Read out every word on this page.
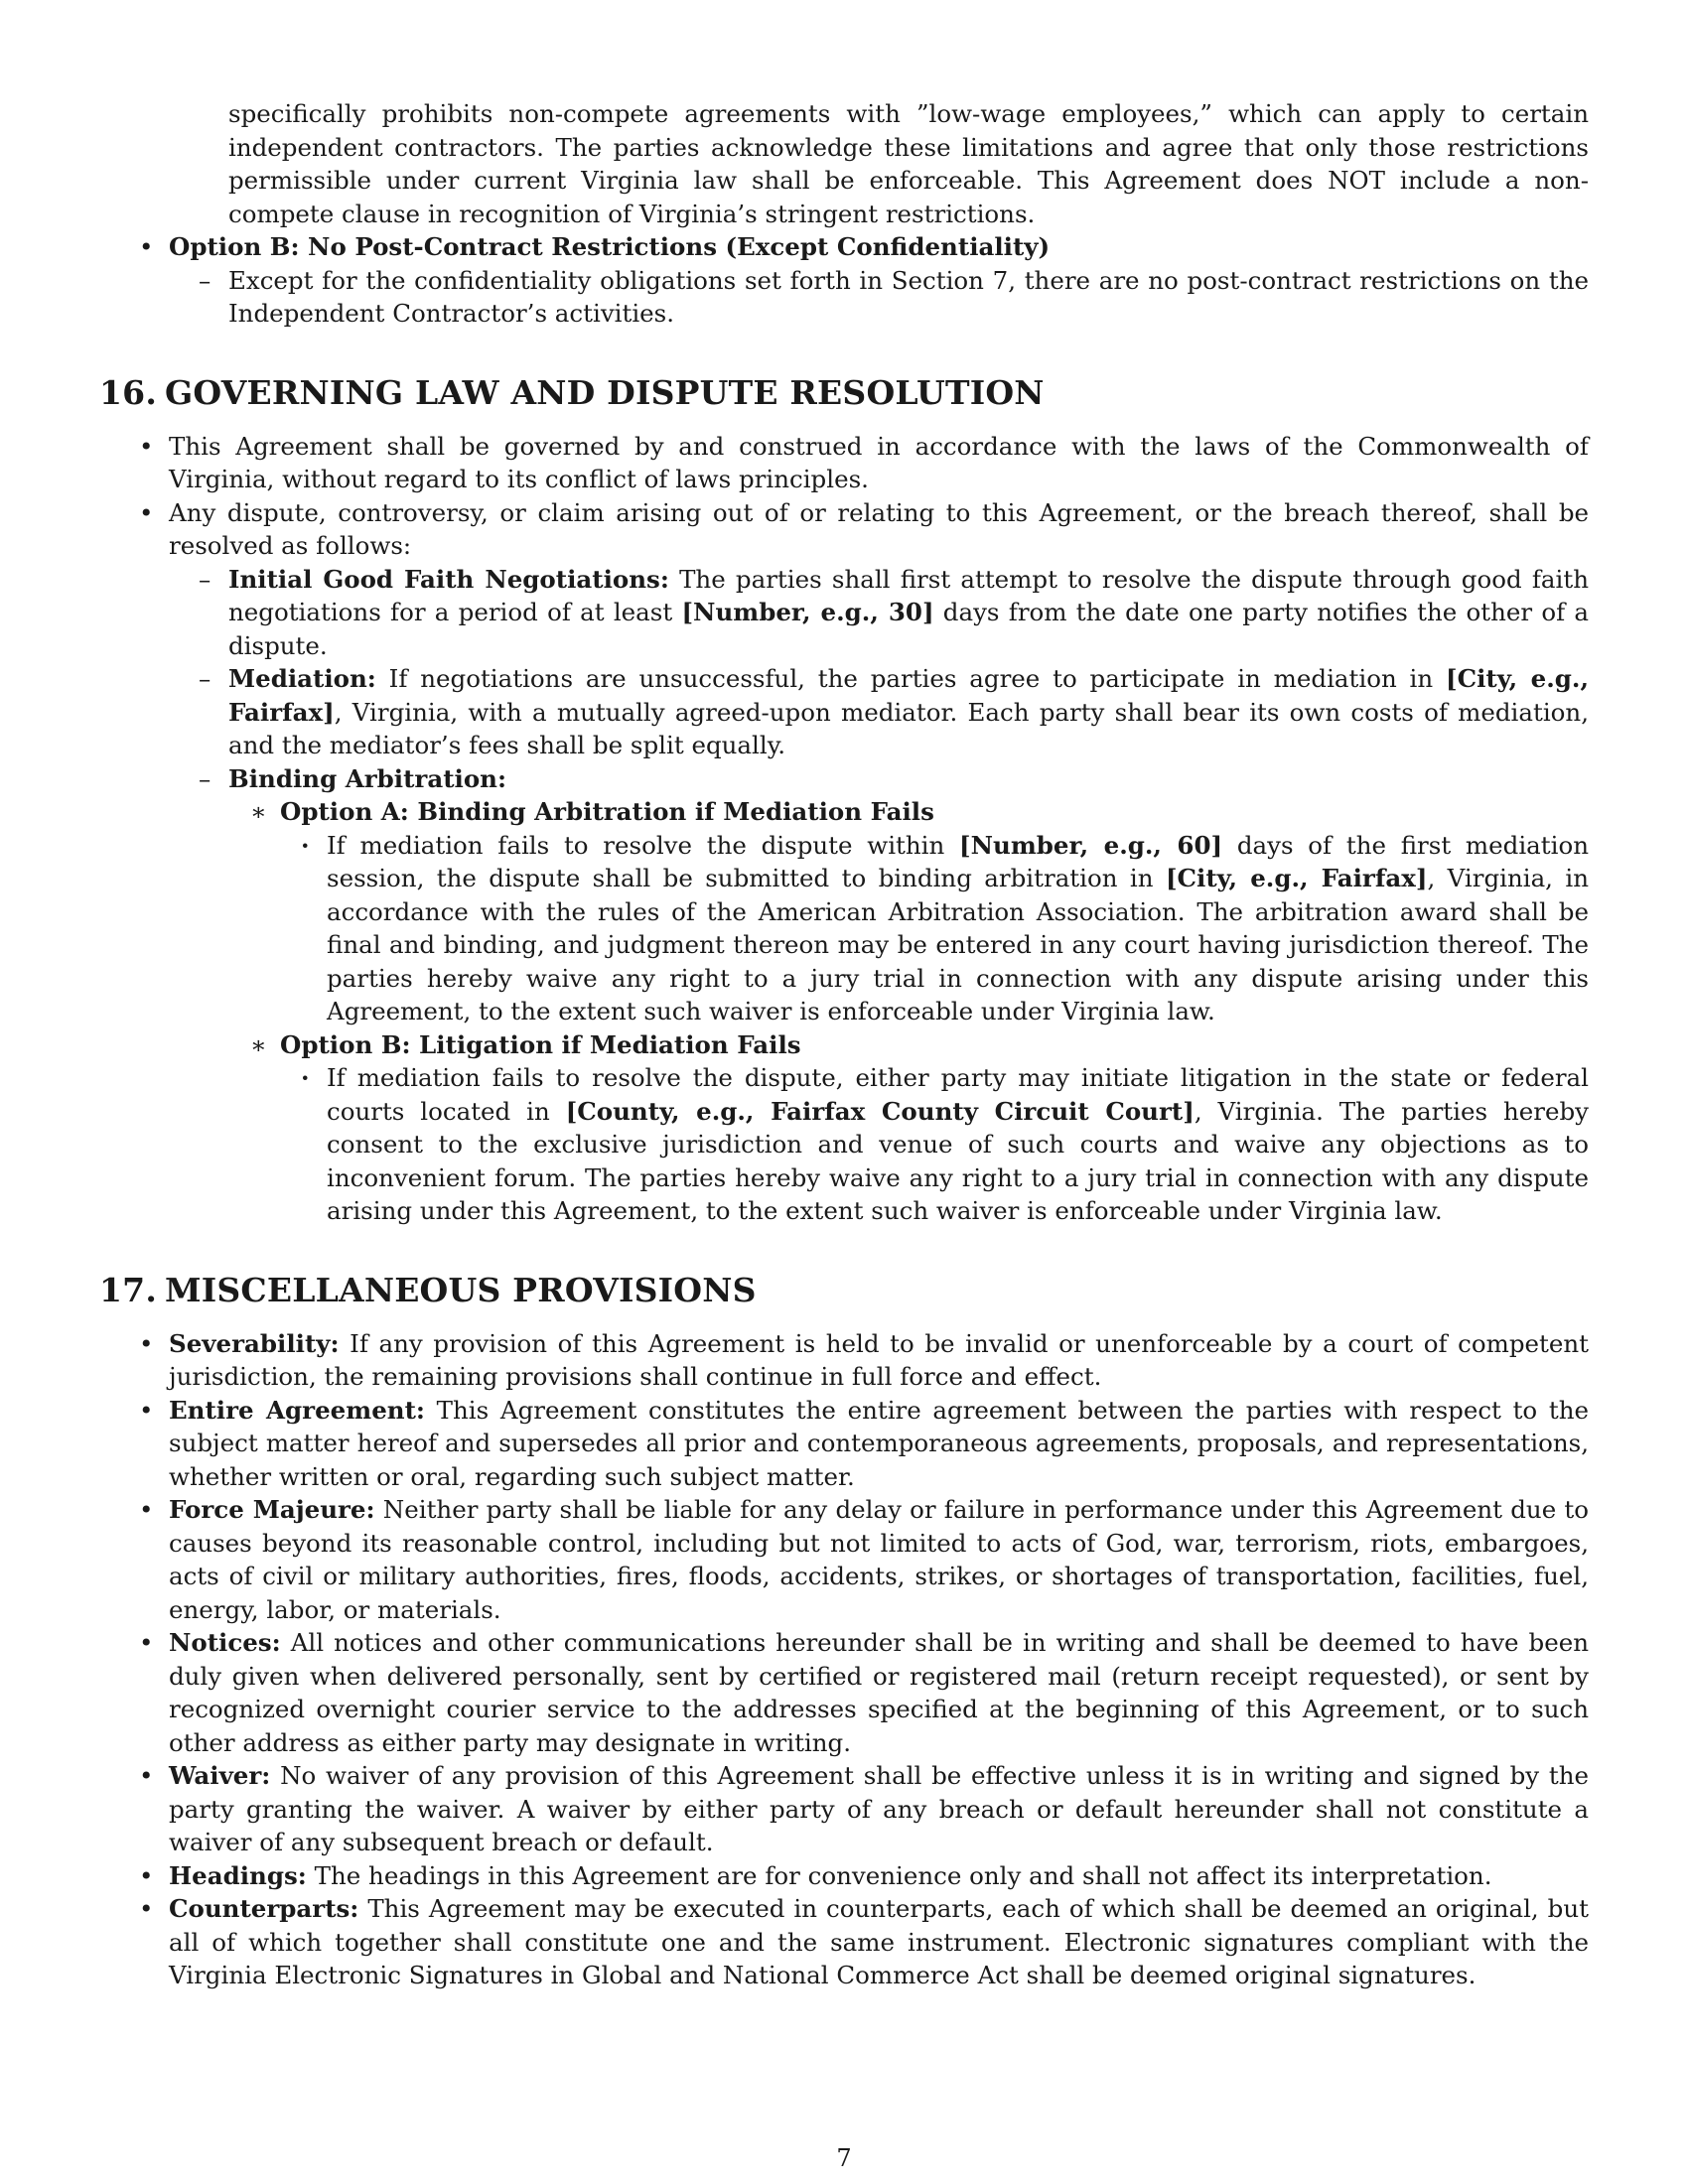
specifically prohibits non-compete agreements with ”low-wage employees,” which can apply to certain independent contractors. The parties acknowledge these limitations and agree that only those restrictions permissible under current Virginia law shall be enforceable. This Agreement does NOT include a non-compete clause in recognition of Virginia’s stringent restrictions.
• Option B: No Post-Contract Restrictions (Except Confidentiality)
– Except for the confidentiality obligations set forth in Section 7, there are no post-contract restrictions on the Independent Contractor’s activities.
16. GOVERNING LAW AND DISPUTE RESOLUTION
• This Agreement shall be governed by and construed in accordance with the laws of the Commonwealth of Virginia, without regard to its conflict of laws principles.
• Any dispute, controversy, or claim arising out of or relating to this Agreement, or the breach thereof, shall be resolved as follows:
– Initial Good Faith Negotiations: The parties shall first attempt to resolve the dispute through good faith negotiations for a period of at least [Number, e.g., 30] days from the date one party notifies the other of a dispute.
– Mediation: If negotiations are unsuccessful, the parties agree to participate in mediation in [City, e.g., Fairfax], Virginia, with a mutually agreed-upon mediator. Each party shall bear its own costs of mediation, and the mediator’s fees shall be split equally.
– Binding Arbitration:
∗ Option A: Binding Arbitration if Mediation Fails
· If mediation fails to resolve the dispute within [Number, e.g., 60] days of the first mediation session, the dispute shall be submitted to binding arbitration in [City, e.g., Fairfax], Virginia, in accordance with the rules of the American Arbitration Association. The arbitration award shall be final and binding, and judgment thereon may be entered in any court having jurisdiction thereof. The parties hereby waive any right to a jury trial in connection with any dispute arising under this Agreement, to the extent such waiver is enforceable under Virginia law.
∗ Option B: Litigation if Mediation Fails
· If mediation fails to resolve the dispute, either party may initiate litigation in the state or federal courts located in [County, e.g., Fairfax County Circuit Court], Virginia. The parties hereby consent to the exclusive jurisdiction and venue of such courts and waive any objections as to inconvenient forum. The parties hereby waive any right to a jury trial in connection with any dispute arising under this Agreement, to the extent such waiver is enforceable under Virginia law.
17. MISCELLANEOUS PROVISIONS
• Severability: If any provision of this Agreement is held to be invalid or unenforceable by a court of competent jurisdiction, the remaining provisions shall continue in full force and effect.
• Entire Agreement: This Agreement constitutes the entire agreement between the parties with respect to the subject matter hereof and supersedes all prior and contemporaneous agreements, proposals, and representations, whether written or oral, regarding such subject matter.
• Force Majeure: Neither party shall be liable for any delay or failure in performance under this Agreement due to causes beyond its reasonable control, including but not limited to acts of God, war, terrorism, riots, embargoes, acts of civil or military authorities, fires, floods, accidents, strikes, or shortages of transportation, facilities, fuel, energy, labor, or materials.
• Notices: All notices and other communications hereunder shall be in writing and shall be deemed to have been duly given when delivered personally, sent by certified or registered mail (return receipt requested), or sent by recognized overnight courier service to the addresses specified at the beginning of this Agreement, or to such other address as either party may designate in writing.
• Waiver: No waiver of any provision of this Agreement shall be effective unless it is in writing and signed by the party granting the waiver. A waiver by either party of any breach or default hereunder shall not constitute a waiver of any subsequent breach or default.
• Headings: The headings in this Agreement are for convenience only and shall not affect its interpretation.
• Counterparts: This Agreement may be executed in counterparts, each of which shall be deemed an original, but all of which together shall constitute one and the same instrument. Electronic signatures compliant with the Virginia Electronic Signatures in Global and National Commerce Act shall be deemed original signatures.
7
